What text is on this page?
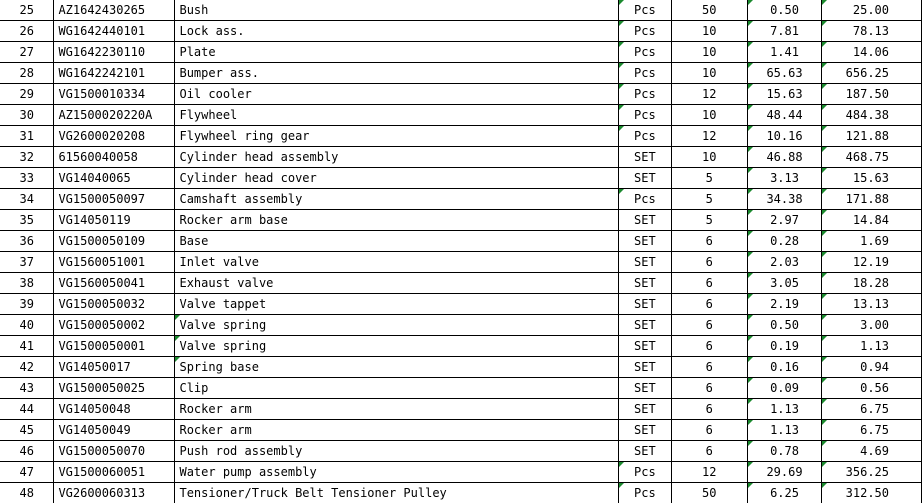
25	AZ1642430265	Bush	Pcs	50	0.50	25.00
26	WG1642440101	Lock ass.	Pcs	10	7.81	78.13
27	WG1642230110	Plate	Pcs	10	1.41	14.06
28	WG1642242101	Bumper ass.	Pcs	10	65.63	656.25
29	VG1500010334	Oil cooler	Pcs	12	15.63	187.50
30	AZ1500020220A	Flywheel	Pcs	10	48.44	484.38
31	VG2600020208	Flywheel ring gear	Pcs	12	10.16	121.88
32	61560040058	Cylinder head assembly	SET	10	46.88	468.75
33	VG14040065	Cylinder head cover	SET	5	3.13	15.63
34	VG1500050097	Camshaft assembly	Pcs	5	34.38	171.88
35	VG14050119	Rocker arm base	SET	5	2.97	14.84
36	VG1500050109	Base	SET	6	0.28	1.69
37	VG1560051001	Inlet valve	SET	6	2.03	12.19
38	VG1560050041	Exhaust valve	SET	6	3.05	18.28
39	VG1500050032	Valve tappet	SET	6	2.19	13.13
40	VG1500050002	Valve spring	SET	6	0.50	3.00
41	VG1500050001	Valve spring	SET	6	0.19	1.13
42	VG14050017	Spring base	SET	6	0.16	0.94
43	VG1500050025	Clip	SET	6	0.09	0.56
44	VG14050048	Rocker arm	SET	6	1.13	6.75
45	VG14050049	Rocker arm	SET	6	1.13	6.75
46	VG1500050070	Push rod assembly	SET	6	0.78	4.69
47	VG1500060051	Water pump assembly	Pcs	12	29.69	356.25
48	VG2600060313	Tensioner/Truck Belt Tensioner Pulley	Pcs	50	6.25	312.50
